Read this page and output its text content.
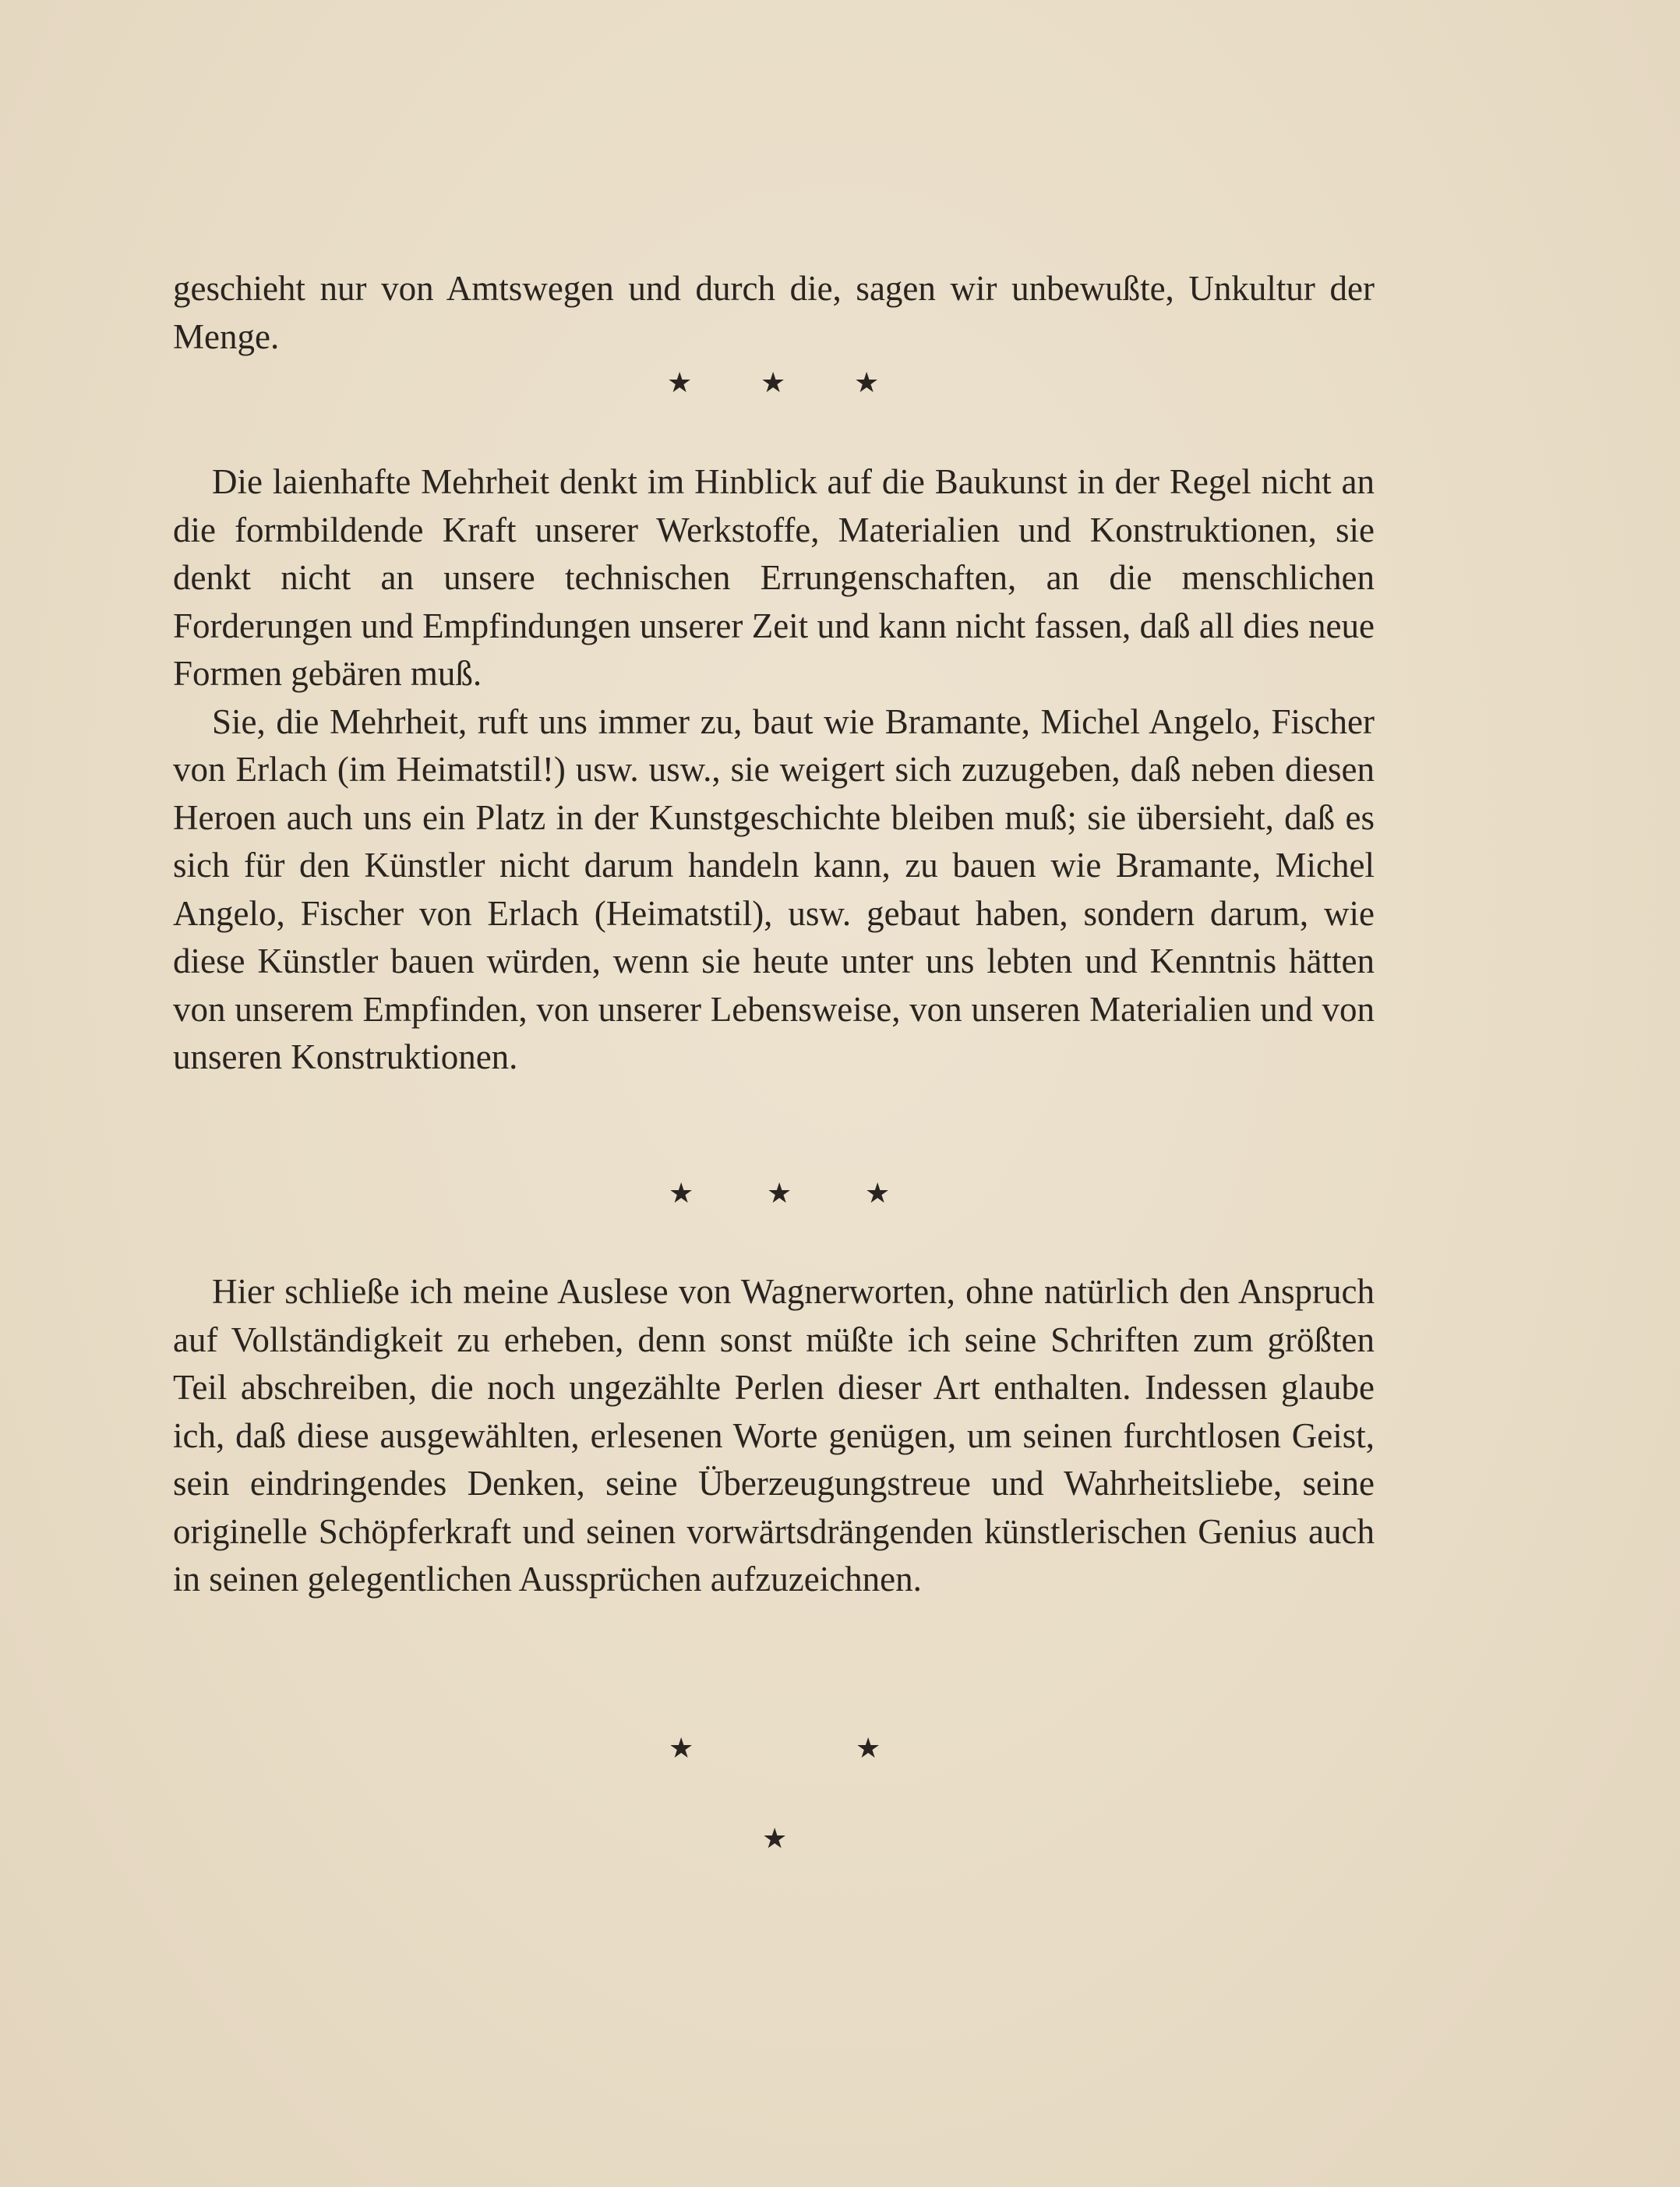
geschieht nur von Amtswegen und durch die, sagen wir unbewußte, Unkultur der Menge.

★ ★ ★

Die laienhafte Mehrheit denkt im Hinblick auf die Baukunst in der Regel nicht an die formbildende Kraft unserer Werkstoffe, Materialien und Konstruktionen, sie denkt nicht an unsere technischen Errungenschaften, an die menschlichen Forderungen und Empfindungen unserer Zeit und kann nicht fassen, daß all dies neue Formen gebären muß.

Sie, die Mehrheit, ruft uns immer zu, baut wie Bramante, Michel Angelo, Fischer von Erlach (im Heimatstil!) usw. usw., sie weigert sich zuzugeben, daß neben diesen Heroen auch uns ein Platz in der Kunstgeschichte bleiben muß; sie übersieht, daß es sich für den Künstler nicht darum handeln kann, zu bauen wie Bramante, Michel Angelo, Fischer von Erlach (Heimatstil), usw. gebaut haben, sondern darum, wie diese Künstler bauen würden, wenn sie heute unter uns lebten und Kenntnis hätten von unserem Empfinden, von unserer Lebensweise, von unseren Materialien und von unseren Konstruktionen.

★	★	★

Hier schließe ich meine Auslese von Wagnerworten, ohne natürlich den Anspruch auf Vollständigkeit zu erheben, denn sonst müßte ich seine Schriften zum größten Teil abschreiben, die noch ungezählte Perlen dieser Art enthalten. Indessen glaube ich, daß diese ausgewählten, erlesenen Worte genügen, um seinen furchtlosen Geist, sein eindringendes Denken, seine Überzeugungstreue und Wahrheitsliebe, seine originelle Schöpferkraft und seinen vorwärtsdrängenden künstlerischen Genius auch in seinen gelegentlichen Aussprüchen aufzuzeichnen.

★	★
★
